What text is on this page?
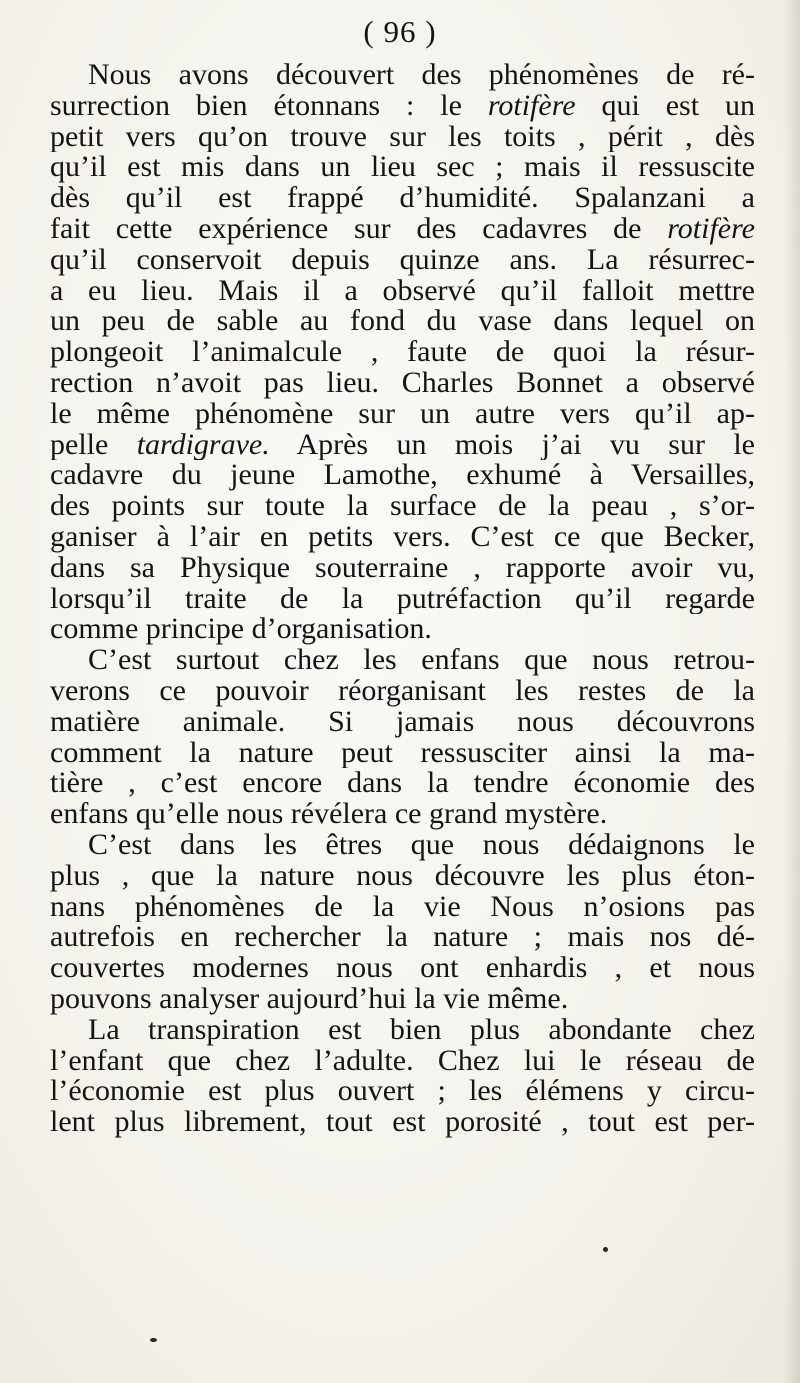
( 96 )
Nous avons découvert des phénomènes de ré-
surrection bien étonnans : le rotifère qui est un
petit vers qu’on trouve sur les toits , périt , dès
qu’il est mis dans un lieu sec ; mais il ressuscite
dès qu’il est frappé d’humidité. Spalanzani a
fait cette expérience sur des cadavres de rotifère
qu’il conservoit depuis quinze ans. La résurrec-
a eu lieu. Mais il a observé qu’il falloit mettre
un peu de sable au fond du vase dans lequel on
plongeoit l’animalcule , faute de quoi la résur-
rection n’avoit pas lieu. Charles Bonnet a observé
le même phénomène sur un autre vers qu’il ap-
pelle tardigrave. Après un mois j’ai vu sur le
cadavre du jeune Lamothe, exhumé à Versailles,
des points sur toute la surface de la peau , s’or-
ganiser à l’air en petits vers. C’est ce que Becker,
dans sa Physique souterraine , rapporte avoir vu,
lorsqu’il traite de la putréfaction qu’il regarde
comme principe d’organisation.
C’est surtout chez les enfans que nous retrou-
verons ce pouvoir réorganisant les restes de la
matière animale. Si jamais nous découvrons
comment la nature peut ressusciter ainsi la ma-
tière , c’est encore dans la tendre économie des
enfans qu’elle nous révélera ce grand mystère.
C’est dans les êtres que nous dédaignons le
plus , que la nature nous découvre les plus éton-
nans phénomènes de la vie Nous n’osions pas
autrefois en rechercher la nature ; mais nos dé-
couvertes modernes nous ont enhardis , et nous
pouvons analyser aujourd’hui la vie même.
La transpiration est bien plus abondante chez
l’enfant que chez l’adulte. Chez lui le réseau de
l’économie est plus ouvert ; les élémens y circu-
lent plus librement, tout est porosité , tout est per-
